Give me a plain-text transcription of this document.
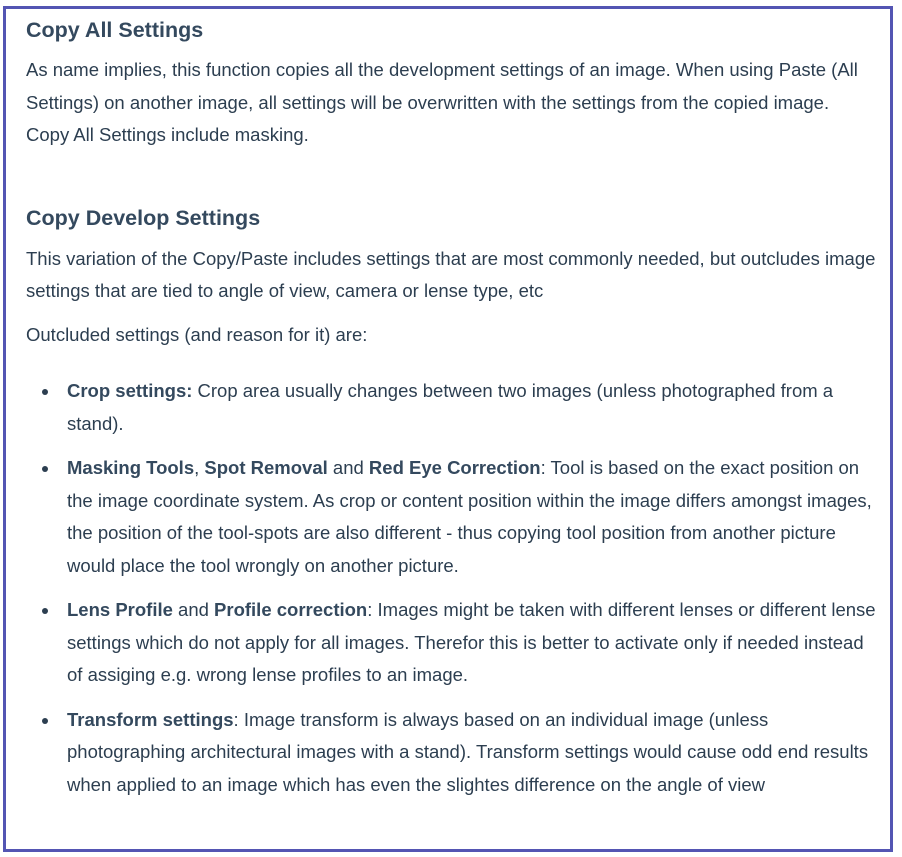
Copy All Settings

As name implies, this function copies all the development settings of an image. When using Paste (All Settings) on another image, all settings will be overwritten with the settings from the copied image. Copy All Settings include masking.

Copy Develop Settings

This variation of the Copy/Paste includes settings that are most commonly needed, but outcludes image settings that are tied to angle of view, camera or lense type, etc

Outcluded settings (and reason for it) are:

Crop settings: Crop area usually changes between two images (unless photographed from a stand).
Masking Tools, Spot Removal and Red Eye Correction: Tool is based on the exact position on the image coordinate system. As crop or content position within the image differs amongst images, the position of the tool-spots are also different - thus copying tool position from another picture would place the tool wrongly on another picture.
Lens Profile and Profile correction: Images might be taken with different lenses or different lense settings which do not apply for all images. Therefor this is better to activate only if needed instead of assiging e.g. wrong lense profiles to an image.
Transform settings: Image transform is always based on an individual image (unless photographing architectural images with a stand). Transform settings would cause odd end results when applied to an image which has even the slightes difference on the angle of view
